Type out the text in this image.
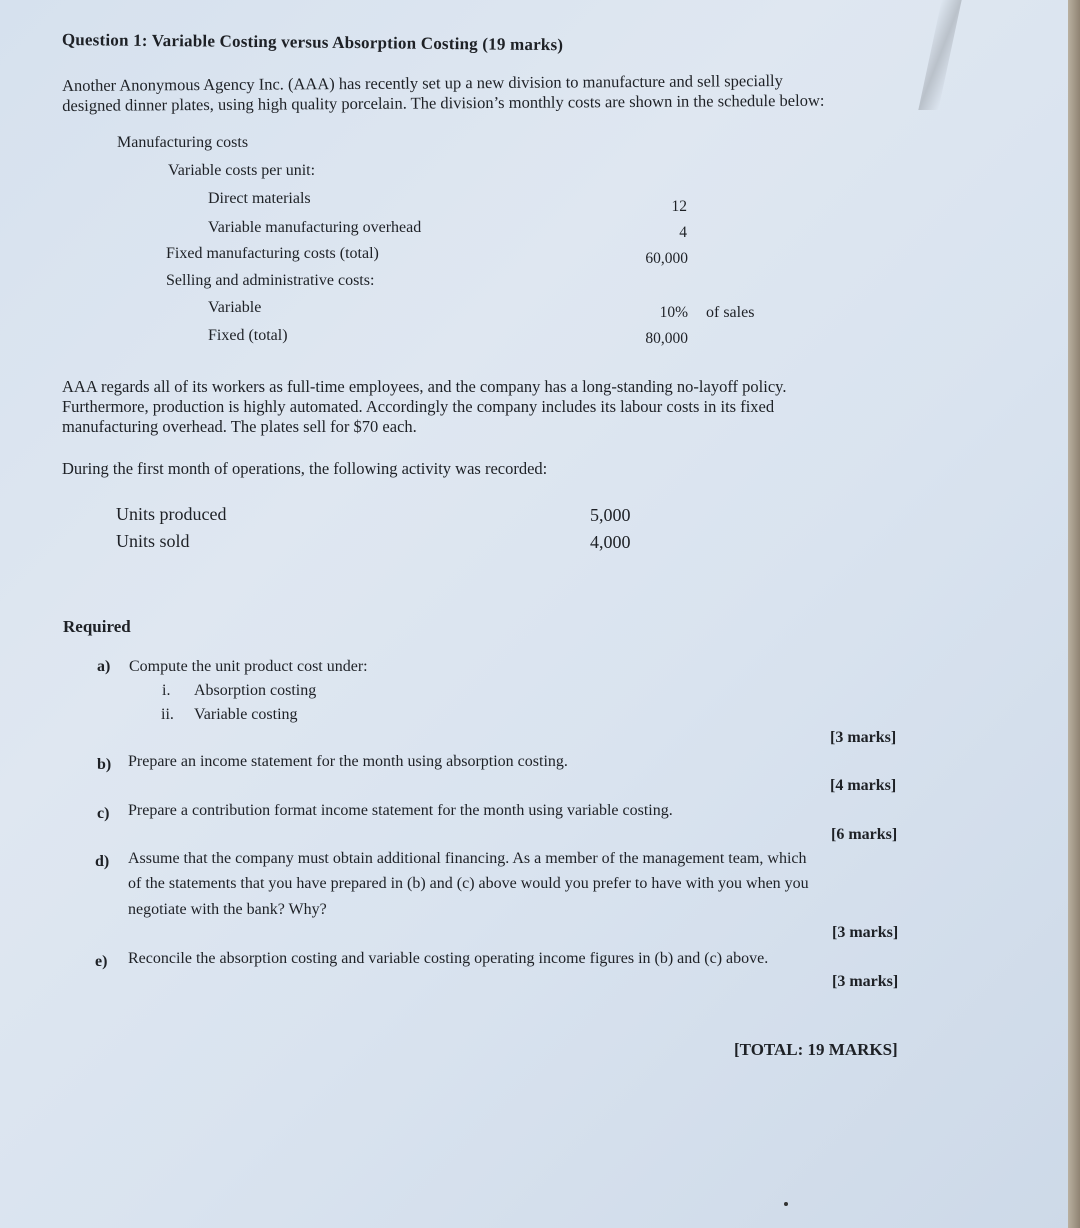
Question 1: Variable Costing versus Absorption Costing (19 marks)
Another Anonymous Agency Inc. (AAA) has recently set up a new division to manufacture and sell specially
designed dinner plates, using high quality porcelain. The division’s monthly costs are shown in the schedule below:
Manufacturing costs
Variable costs per unit:
Direct materials	12
Variable manufacturing overhead	4
Fixed manufacturing costs (total)	60,000
Selling and administrative costs:
Variable	10% of sales
Fixed (total)	80,000
AAA regards all of its workers as full-time employees, and the company has a long-standing no-layoff policy.
Furthermore, production is highly automated. Accordingly the company includes its labour costs in its fixed
manufacturing overhead. The plates sell for $70 each.
During the first month of operations, the following activity was recorded:
Units produced	5,000
Units sold	4,000
Required
a) Compute the unit product cost under:
i. Absorption costing
ii. Variable costing
[3 marks]
b) Prepare an income statement for the month using absorption costing.
[4 marks]
c) Prepare a contribution format income statement for the month using variable costing.
[6 marks]
d) Assume that the company must obtain additional financing. As a member of the management team, which
of the statements that you have prepared in (b) and (c) above would you prefer to have with you when you
negotiate with the bank? Why?
[3 marks]
e) Reconcile the absorption costing and variable costing operating income figures in (b) and (c) above.
[3 marks]
[TOTAL: 19 MARKS]
